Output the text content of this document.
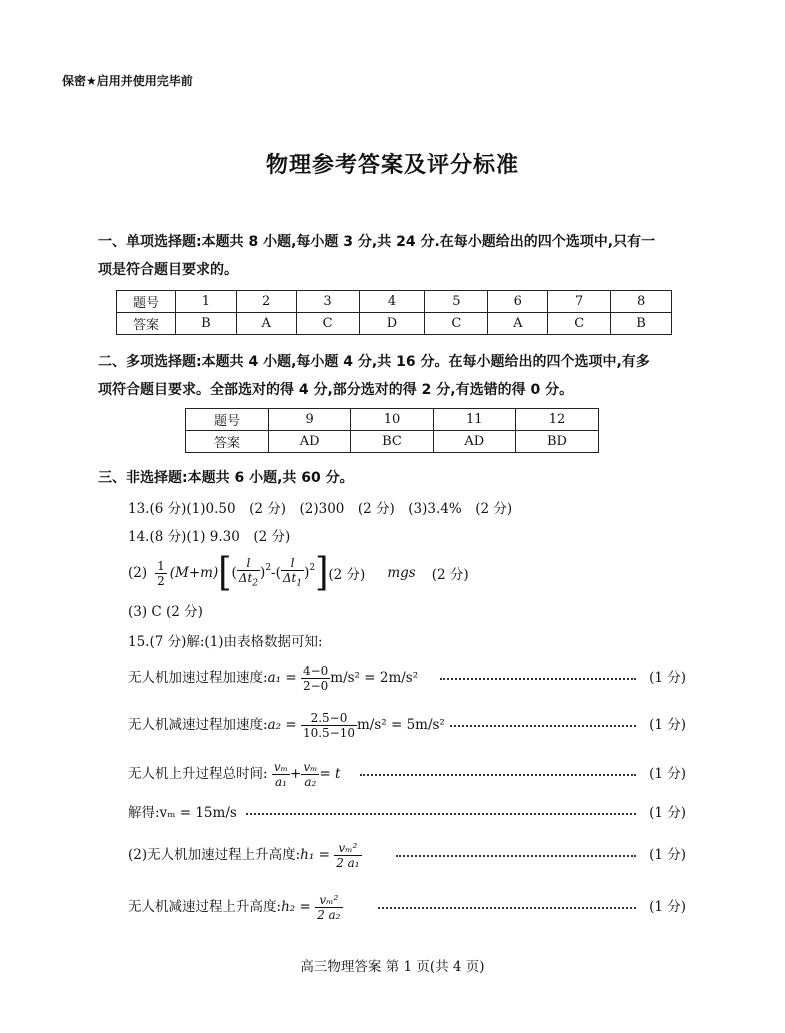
保密★启用并使用完毕前
物理参考答案及评分标准
一、单项选择题:本题共 8 小题,每小题 3 分,共 24 分.在每小题给出的四个选项中,只有一
项是符合题目要求的。
题号	1	2	3	4	5	6	7	8
答案	B	A	C	D	C	A	C	B
二、多项选择题:本题共 4 小题,每小题 4 分,共 16 分。在每小题给出的四个选项中,有多
项符合题目要求。全部选对的得 4 分,部分选对的得 2 分,有选错的得 0 分。
题号	9	10	11	12
答案	AD	BC	AD	BD
三、非选择题:本题共 6 小题,共 60 分。
13.(6 分)(1)0.50　(2 分)　(2)300　(2 分)　(3)3.4%　(2 分)
14.(8 分)(1) 9.30　(2 分)
$(2) \frac{1}{2} (M+m)$ [ ( $\frac{l}{\Delta t_2} )^2$ - ( $\frac{l}{\Delta t_1} )^2$ ] (2 分) mgs (2 分)
(3) C (2 分)
15.(7 分)解:(1)由表格数据可知:
无人机加速过程加速度:a₁ = $\frac{4-0}{2-0} m/s^2 = 2m/s^2$	(1 分)
无人机减速过程加速度:a₂ = $\frac{2.5-0}{10.5-10} m/s^2 = 5m/s^2$	(1 分)
无人机上升过程总时间: $\frac{\text{vₘ}}{\text{a₁}} + \frac{\text{vₘ}}{\text{a₂}} = t$	(1 分)
解得:vₘ = 15m/s	(1 分)
(2)无人机加速过程上升高度:h₁ = $\frac{\text{vₘ²}}{\text{2 a₁}}$	(1 分)
无人机减速过程上升高度:h₂ = $\frac{\text{vₘ²}}{\text{2 a₂}}$	(1 分)
高三物理答案 第 1 页(共 4 页)
